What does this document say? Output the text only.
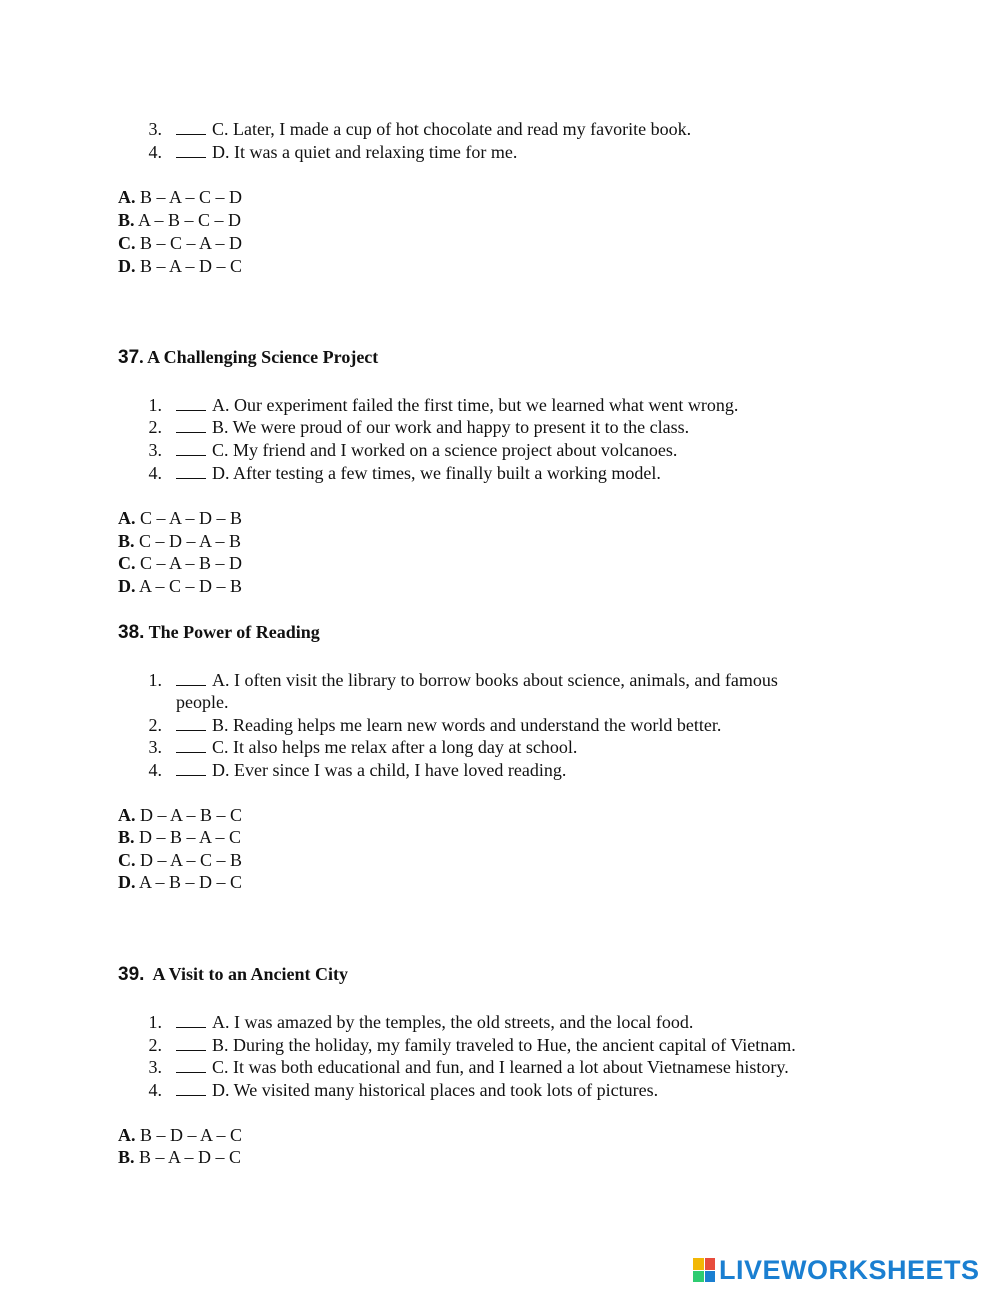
3.	C. Later, I made a cup of hot chocolate and read my favorite book.
4.	D. It was a quiet and relaxing time for me.
A. B – A – C – D
B. A – B – C – D
C. B – C – A – D
D. B – A – D – C
37. A Challenging Science Project
1.	A. Our experiment failed the first time, but we learned what went wrong.
2.	B. We were proud of our work and happy to present it to the class.
3.	C. My friend and I worked on a science project about volcanoes.
4.	D. After testing a few times, we finally built a working model.
A. C – A – D – B
B. C – D – A – B
C. C – A – B – D
D. A – C – D – B
38. The Power of Reading
1.	A. I often visit the library to borrow books about science, animals, and famous
people.
2.	B. Reading helps me learn new words and understand the world better.
3.	C. It also helps me relax after a long day at school.
4.	D. Ever since I was a child, I have loved reading.
A. D – A – B – C
B. D – B – A – C
C. D – A – C – B
D. A – B – D – C
39. A Visit to an Ancient City
1.	A. I was amazed by the temples, the old streets, and the local food.
2.	B. During the holiday, my family traveled to Hue, the ancient capital of Vietnam.
3.	C. It was both educational and fun, and I learned a lot about Vietnamese history.
4.	D. We visited many historical places and took lots of pictures.
A. B – D – A – C
B. B – A – D – C
LIVEWORKSHEETS
